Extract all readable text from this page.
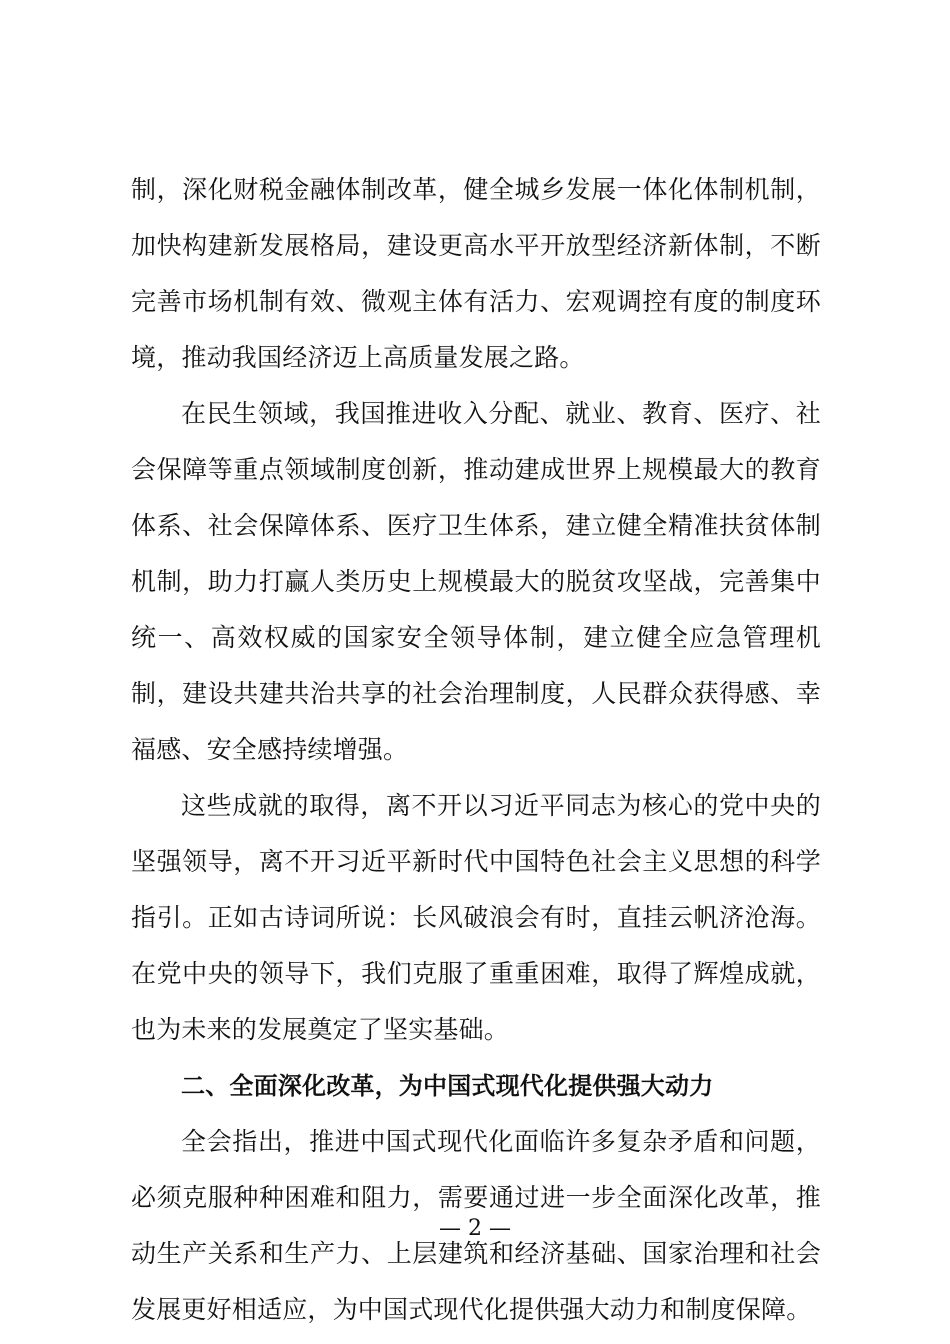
制，深化财税金融体制改革，健全城乡发展一体化体制机制，
加快构建新发展格局，建设更高水平开放型经济新体制，不断
完善市场机制有效、微观主体有活力、宏观调控有度的制度环
境，推动我国经济迈上高质量发展之路。
在民生领域，我国推进收入分配、就业、教育、医疗、社
会保障等重点领域制度创新，推动建成世界上规模最大的教育
体系、社会保障体系、医疗卫生体系，建立健全精准扶贫体制
机制，助力打赢人类历史上规模最大的脱贫攻坚战，完善集中
统一、高效权威的国家安全领导体制，建立健全应急管理机
制，建设共建共治共享的社会治理制度，人民群众获得感、幸
福感、安全感持续增强。
这些成就的取得，离不开以习近平同志为核心的党中央的
坚强领导，离不开习近平新时代中国特色社会主义思想的科学
指引。正如古诗词所说：长风破浪会有时，直挂云帆济沧海。
在党中央的领导下，我们克服了重重困难，取得了辉煌成就，
也为未来的发展奠定了坚实基础。
二、全面深化改革，为中国式现代化提供强大动力
全会指出，推进中国式现代化面临许多复杂矛盾和问题，
必须克服种种困难和阻力，需要通过进一步全面深化改革，推
动生产关系和生产力、上层建筑和经济基础、国家治理和社会
发展更好相适应，为中国式现代化提供强大动力和制度保障。
— 2 —
